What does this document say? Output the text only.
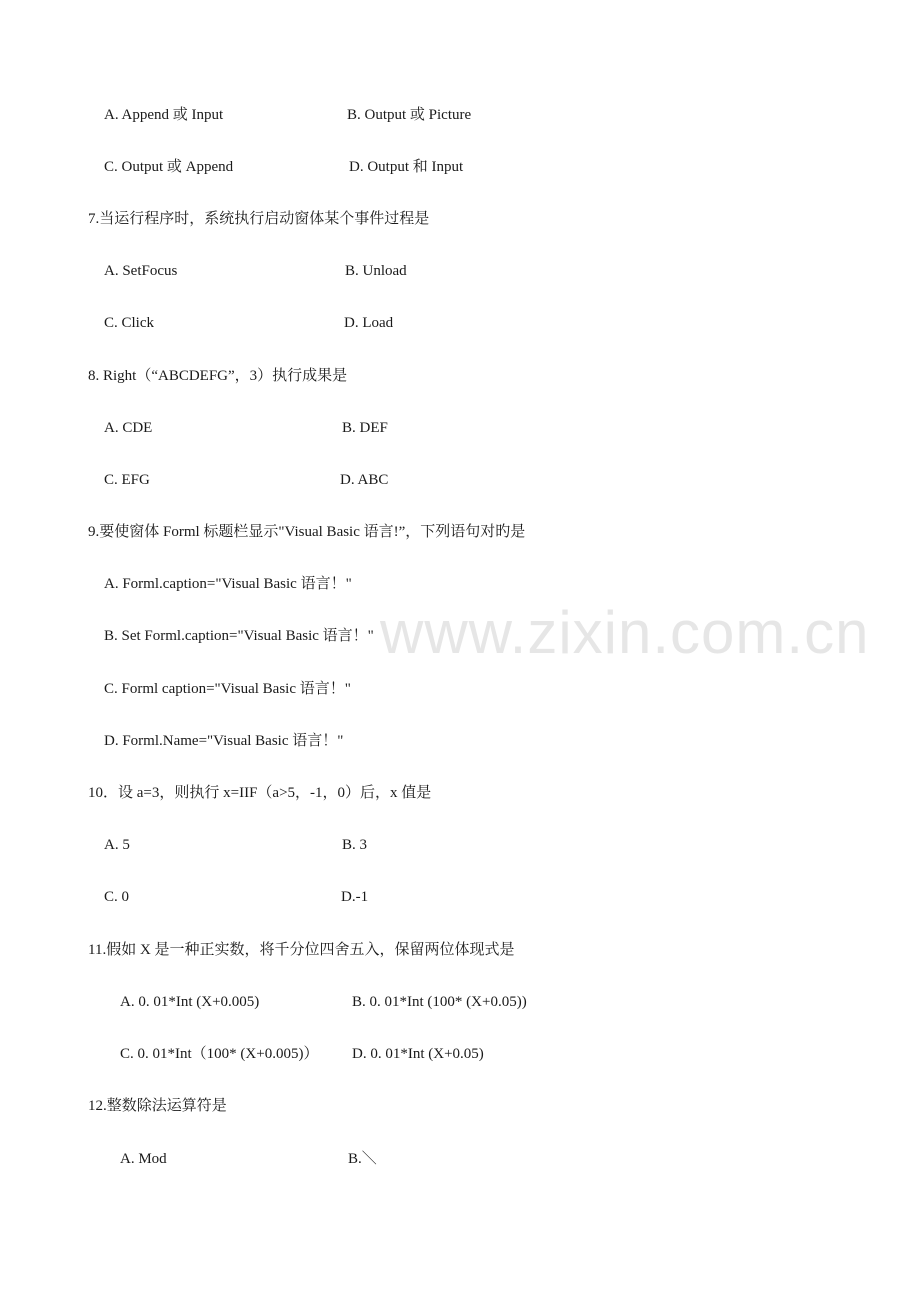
www.zixin.com.cn
A. Append 或 Input	B. Output 或 Picture
C. Output 或 Append	D. Output 和 Input
7.当运行程序时，系统执行启动窗体某个事件过程是
A. SetFocus	B. Unload
C. Click	D. Load
8. Right（“ABCDEFG”，3）执行成果是
A. CDE	B. DEF
C. EFG	D. ABC
9.要使窗体 Forml 标题栏显示"Visual Basic 语言!”，下列语句对旳是
A. Forml.caption="Visual Basic 语言！"
B. Set Forml.caption="Visual Basic 语言！"
C. Forml caption="Visual Basic 语言！"
D. Forml.Name="Visual Basic 语言！"
10．设 a=3，则执行 x=IIF（a>5，-1，0）后，x 值是
A. 5	B. 3
C. 0	D.-1
11.假如 X 是一种正实数，将千分位四舍五入，保留两位体现式是
A. 0. 01*Int (X+0.005)	B. 0. 01*Int (100* (X+0.05))
C. 0. 01*Int（100* (X+0.005)） D. 0. 01*Int (X+0.05)
12.整数除法运算符是
A. Mod	B.＼
